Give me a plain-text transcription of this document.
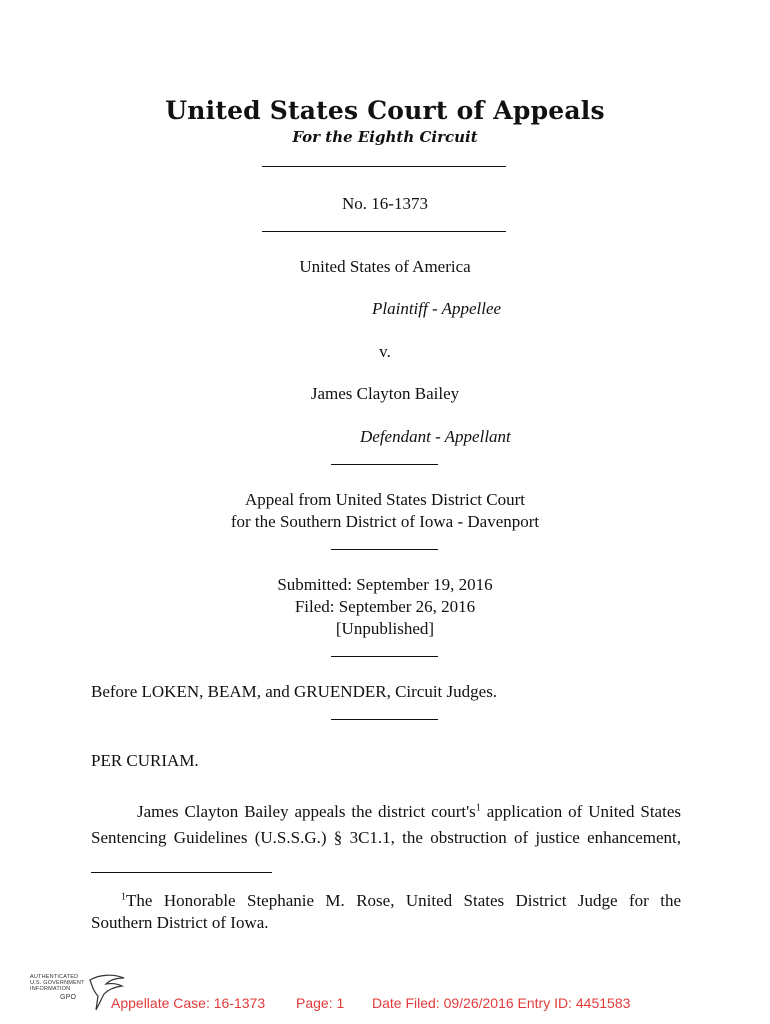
United States Court of Appeals
For the Eighth Circuit
No. 16-1373
United States of America
Plaintiff - Appellee
v.
James Clayton Bailey
Defendant - Appellant
Appeal from United States District Court
for the Southern District of Iowa - Davenport
Submitted: September 19, 2016
Filed: September 26, 2016
[Unpublished]
Before LOKEN, BEAM, and GRUENDER, Circuit Judges.
PER CURIAM.
James Clayton Bailey appeals the district court's$^1$ application of United States
Sentencing Guidelines (U.S.S.G.) § 3C1.1, the obstruction of justice enhancement,
$^1$The Honorable Stephanie M. Rose, United States District Judge for the
Southern District of Iowa.
AUTHENTICATED
U.S. GOVERNMENT
INFORMATION
GPO	Appellate Case: 16-1373 Page: 1 Date Filed: 09/26/2016 Entry ID: 4451583
